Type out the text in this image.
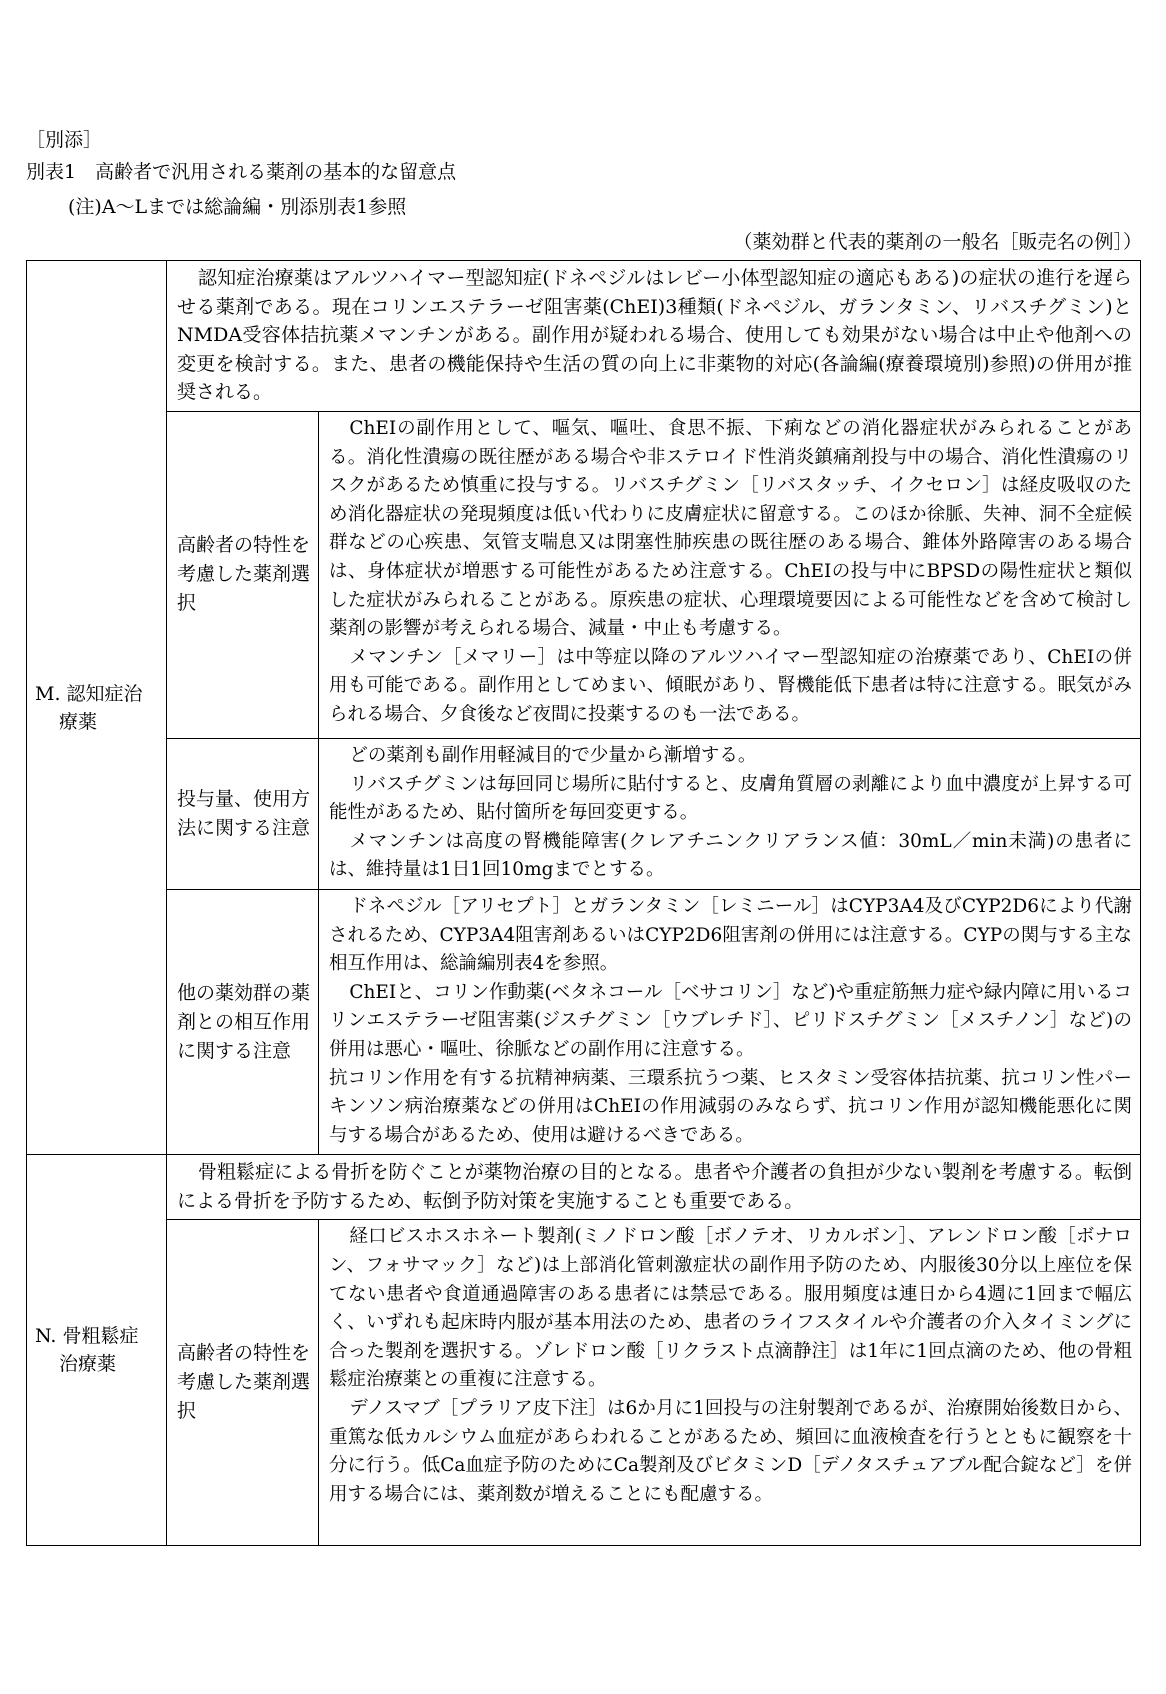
［別添］
別表1　高齢者で汎用される薬剤の基本的な留意点
(注)A～Lまでは総論編・別添別表1参照
（薬効群と代表的薬剤の一般名［販売名の例］）
M. 認知症治
療薬	認知症治療薬はアルツハイマー型認知症(ドネペジルはレビー小体型認知症の適応もある)の症状の進行を遅らせる薬剤である。現在コリンエステラーゼ阻害薬(ChEI)3種類(ドネペジル、ガランタミン、リバスチグミン)とNMDA受容体拮抗薬メマンチンがある。副作用が疑われる場合、使用しても効果がない場合は中止や他剤への変更を検討する。また、患者の機能保持や生活の質の向上に非薬物的対応(各論編(療養環境別)参照)の併用が推奨される。	

	高齢者の特性を考慮した薬剤選択	ChEIの副作用として、嘔気、嘔吐、食思不振、下痢などの消化器症状がみられることがある。消化性潰瘍の既往歴がある場合や非ステロイド性消炎鎮痛剤投与中の場合、消化性潰瘍のリスクがあるため慎重に投与する。リバスチグミン［リバスタッチ、イクセロン］は経皮吸収のため消化器症状の発現頻度は低い代わりに皮膚症状に留意する。このほか徐脈、失神、洞不全症候群などの心疾患、気管支喘息又は閉塞性肺疾患の既往歴のある場合、錐体外路障害のある場合は、身体症状が増悪する可能性があるため注意する。ChEIの投与中にBPSDの陽性症状と類似した症状がみられることがある。原疾患の症状、心理環境要因による可能性などを含めて検討し薬剤の影響が考えられる場合、減量・中止も考慮する。

メマンチン［メマリー］は中等症以降のアルツハイマー型認知症の治療薬であり、ChEIの併用も可能である。副作用としてめまい、傾眠があり、腎機能低下患者は特に注意する。眠気がみられる場合、夕食後など夜間に投薬するのも一法である。

	投与量、使用方法に関する注意	どの薬剤も副作用軽減目的で少量から漸増する。

リバスチグミンは毎回同じ場所に貼付すると、皮膚角質層の剥離により血中濃度が上昇する可能性があるため、貼付箇所を毎回変更する。

メマンチンは高度の腎機能障害(クレアチニンクリアランス値：30mL／min未満)の患者には、維持量は1日1回10mgまでとする。

	他の薬効群の薬剤との相互作用に関する注意	ドネペジル［アリセプト］とガランタミン［レミニール］はCYP3A4及びCYP2D6により代謝されるため、CYP3A4阻害剤あるいはCYP2D6阻害剤の併用には注意する。CYPの関与する主な相互作用は、総論編別表4を参照。

ChEIと、コリン作動薬(ベタネコール［ベサコリン］など)や重症筋無力症や緑内障に用いるコリンエステラーゼ阻害薬(ジスチグミン［ウブレチド］、ピリドスチグミン［メスチノン］など)の併用は悪心・嘔吐、徐脈などの副作用に注意する。

抗コリン作用を有する抗精神病薬、三環系抗うつ薬、ヒスタミン受容体拮抗薬、抗コリン性パーキンソン病治療薬などの併用はChEIの作用減弱のみならず、抗コリン作用が認知機能悪化に関与する場合があるため、使用は避けるべきである。

N. 骨粗鬆症
治療薬	骨粗鬆症による骨折を防ぐことが薬物治療の目的となる。患者や介護者の負担が少ない製剤を考慮する。転倒による骨折を予防するため、転倒予防対策を実施することも重要である。	

	高齢者の特性を考慮した薬剤選択	経口ビスホスホネート製剤(ミノドロン酸［ボノテオ、リカルボン］、アレンドロン酸［ボナロン、フォサマック］など)は上部消化管刺激症状の副作用予防のため、内服後30分以上座位を保てない患者や食道通過障害のある患者には禁忌である。服用頻度は連日から4週に1回まで幅広く、いずれも起床時内服が基本用法のため、患者のライフスタイルや介護者の介入タイミングに合った製剤を選択する。ゾレドロン酸［リクラスト点滴静注］は1年に1回点滴のため、他の骨粗鬆症治療薬との重複に注意する。

デノスマブ［プラリア皮下注］は6か月に1回投与の注射製剤であるが、治療開始後数日から、重篤な低カルシウム血症があらわれることがあるため、頻回に血液検査を行うとともに観察を十分に行う。低Ca血症予防のためにCa製剤及びビタミンD［デノタスチュアブル配合錠など］を併用する場合には、薬剤数が増えることにも配慮する。
